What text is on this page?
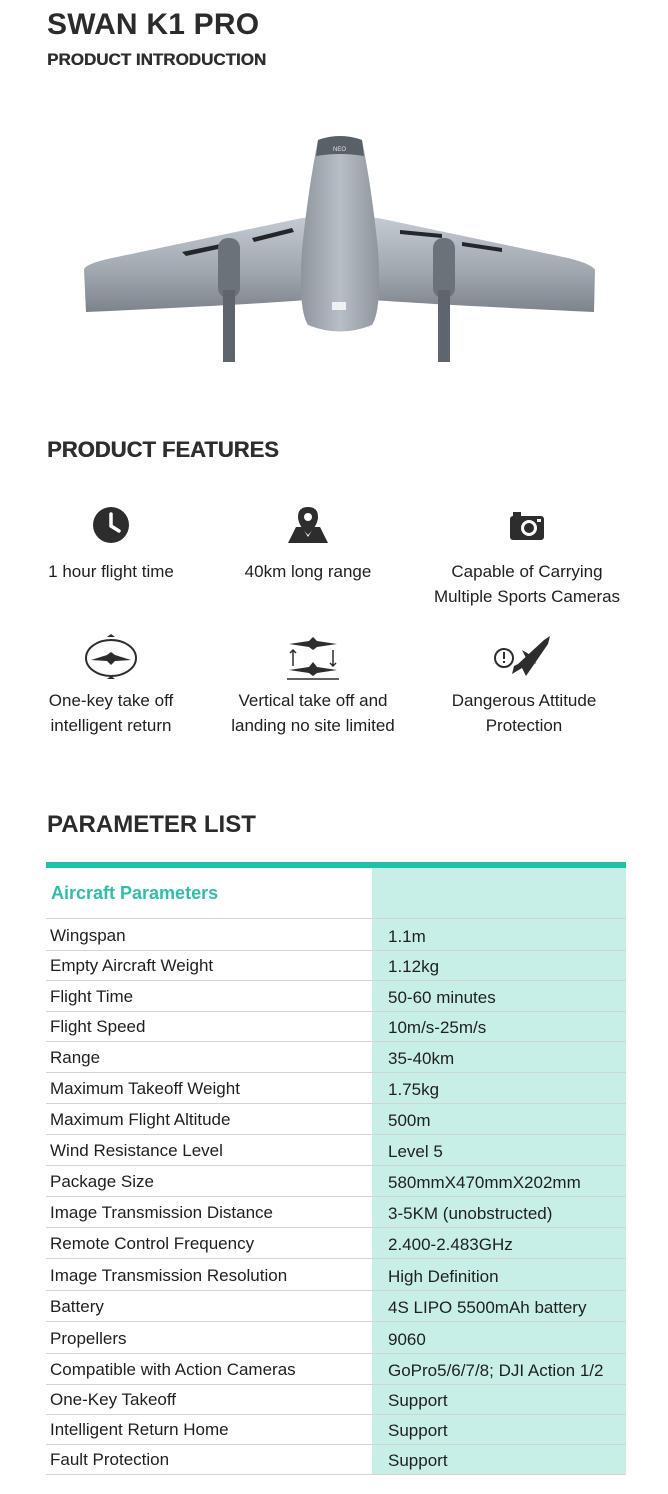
SWAN K1 PRO
PRODUCT INTRODUCTION
NEO
PRODUCT FEATURES
1 hour flight time	40km long range	Capable of Carrying
Multiple Sports Cameras
One-key take off
intelligent return
Vertical take off and
landing no site limited
Dangerous Attitude
Protection
PARAMETER LIST
Aircraft Parameters
Wingspan	1.1m
Empty Aircraft Weight	1.12kg
Flight Time	50-60 minutes
Flight Speed	10m/s-25m/s
Range	35-40km
Maximum Takeoff Weight	1.75kg
Maximum Flight Altitude	500m
Wind Resistance Level	Level 5
Package Size	580mmX470mmX202mm
Image Transmission Distance	3-5KM (unobstructed)
Remote Control Frequency	2.400-2.483GHz
Image Transmission Resolution	High Definition
Battery	4S LIPO 5500mAh battery
Propellers	9060
Compatible with Action Cameras	GoPro5/6/7/8; DJI Action 1/2
One-Key Takeoff	Support
Intelligent Return Home	Support
Fault Protection	Support
